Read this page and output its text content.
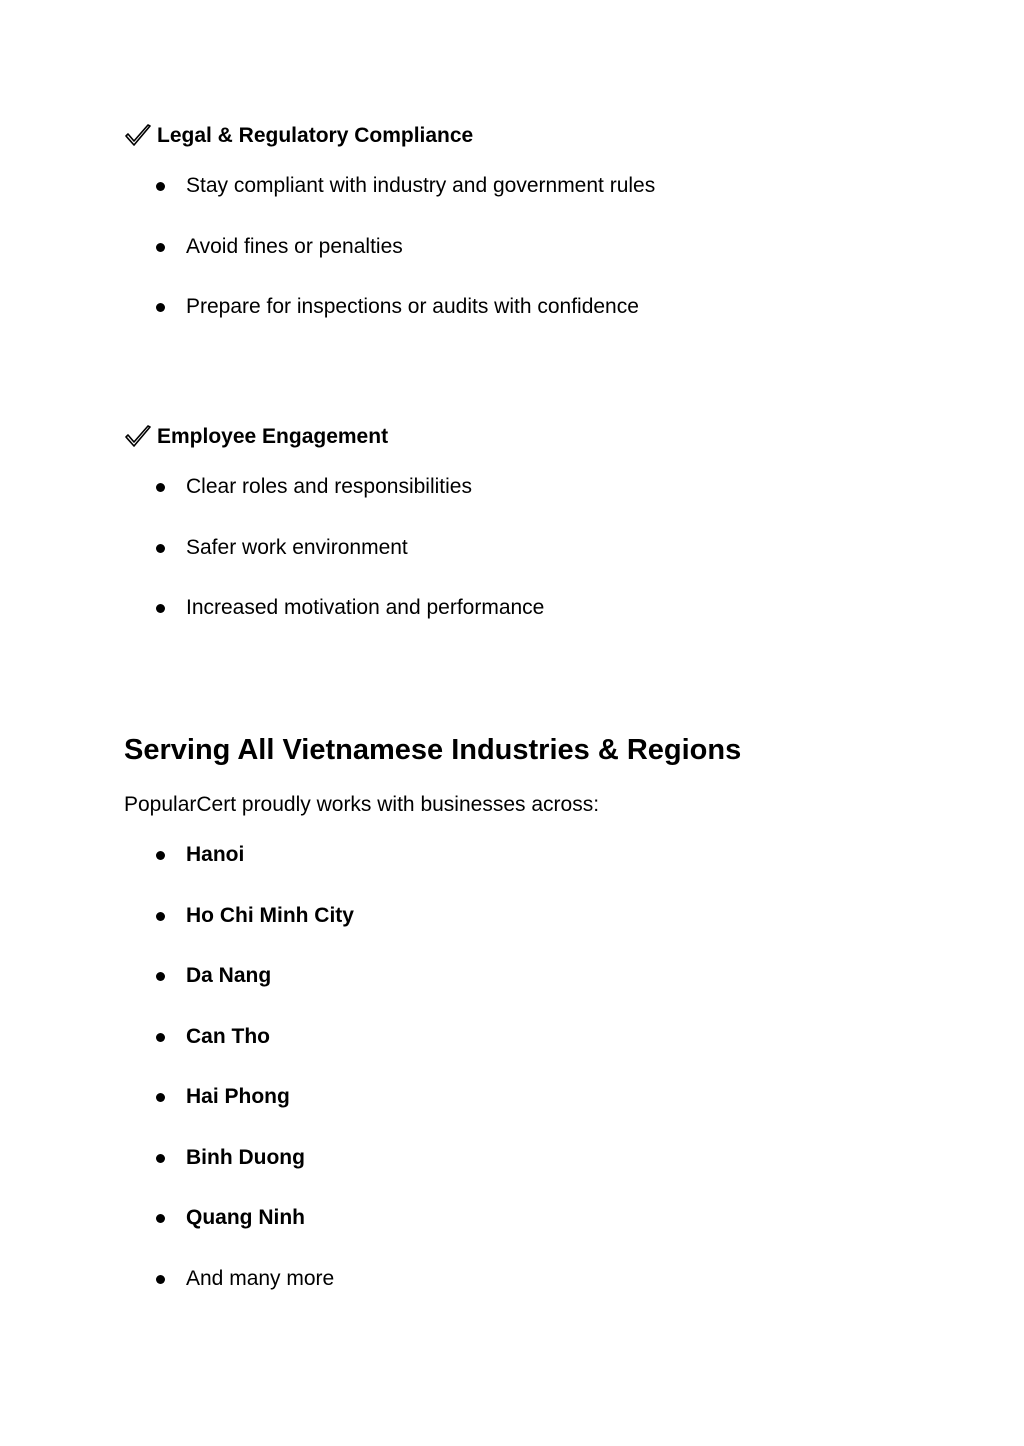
Legal & Regulatory Compliance
Stay compliant with industry and government rules
Avoid fines or penalties
Prepare for inspections or audits with confidence
Employee Engagement
Clear roles and responsibilities
Safer work environment
Increased motivation and performance
Serving All Vietnamese Industries & Regions

PopularCert proudly works with businesses across:

Hanoi
Ho Chi Minh City
Da Nang
Can Tho
Hai Phong
Binh Duong
Quang Ninh
And many more
